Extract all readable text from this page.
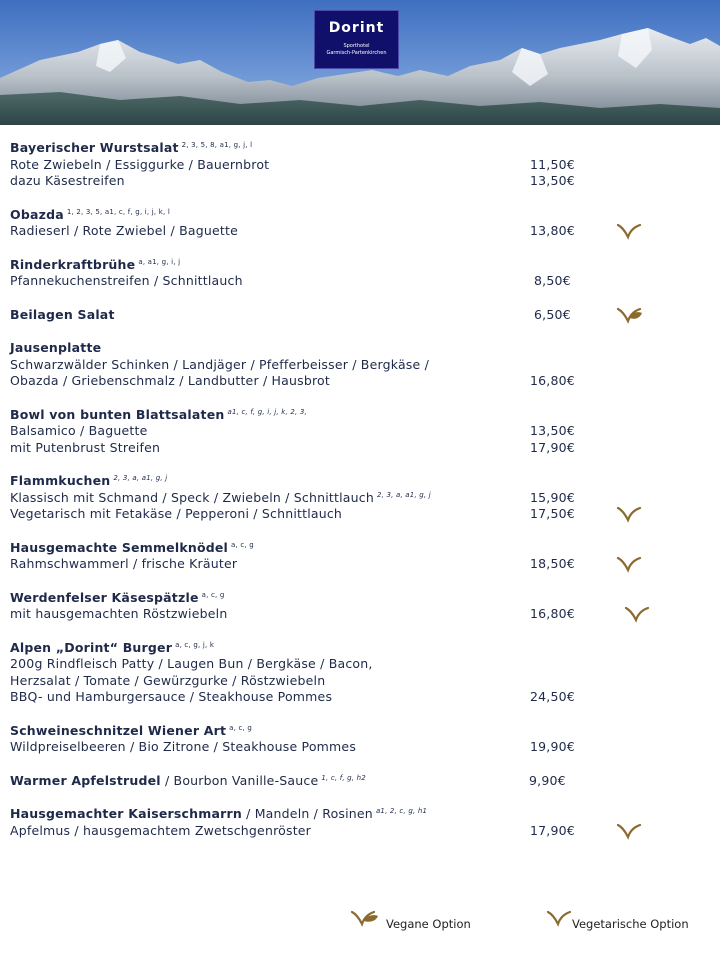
Dorint
Sporthotel
Garmisch-Partenkirchen
Bayerischer Wurstsalat $^{2, 3, 5, 8, a1, g, j, l}$
Rote Zwiebeln / Essiggurke / Bauernbrot	11,50€
dazu Käsestreifen	13,50€
Obazda $^{1, 2, 3, 5, a1, c, f, g, i, j, k, l}$
Radieserl / Rote Zwiebel / Baguette	13,80€
Rinderkraftbrühe $^{a, a1, g, i, j}$
Pfannekuchenstreifen / Schnittlauch	8,50€
Beilagen Salat	6,50€
Jausenplatte
Schwarzwälder Schinken / Landjäger / Pfefferbeisser / Bergkäse /
Obazda / Griebenschmalz / Landbutter / Hausbrot	16,80€
Bowl von bunten Blattsalaten $^{a1, c, f, g, i, j, k, 2, 3,}$
Balsamico / Baguette	13,50€
mit Putenbrust Streifen	17,90€
Flammkuchen $^{2, 3, a, a1, g, j}$
Klassisch mit Schmand / Speck / Zwiebeln / Schnittlauch $^{2, 3, a, a1, g, j}$	15,90€
Vegetarisch mit Fetakäse / Pepperoni / Schnittlauch	17,50€
Hausgemachte Semmelknödel $^{a, c, g}$
Rahmschwammerl / frische Kräuter	18,50€
Werdenfelser Käsespätzle $^{a, c, g}$
mit hausgemachten Röstzwiebeln	16,80€
Alpen „Dorint“ Burger $^{a, c, g, j, k}$
200g Rindfleisch Patty / Laugen Bun / Bergkäse / Bacon,
Herzsalat / Tomate / Gewürzgurke / Röstzwiebeln
BBQ- und Hamburgersauce / Steakhouse Pommes	24,50€
Schweineschnitzel Wiener Art $^{a, c, g}$
Wildpreiselbeeren / Bio Zitrone / Steakhouse Pommes	19,90€
Warmer Apfelstrudel / Bourbon Vanille-Sauce $^{1, c, f, g, h2}$	9,90€
Hausgemachter Kaiserschmarrn / Mandeln / Rosinen $^{a1, 2, c, g, h1}$
Apfelmus / hausgemachtem Zwetschgenröster	17,90€
Vegane Option	Vegetarische Option
